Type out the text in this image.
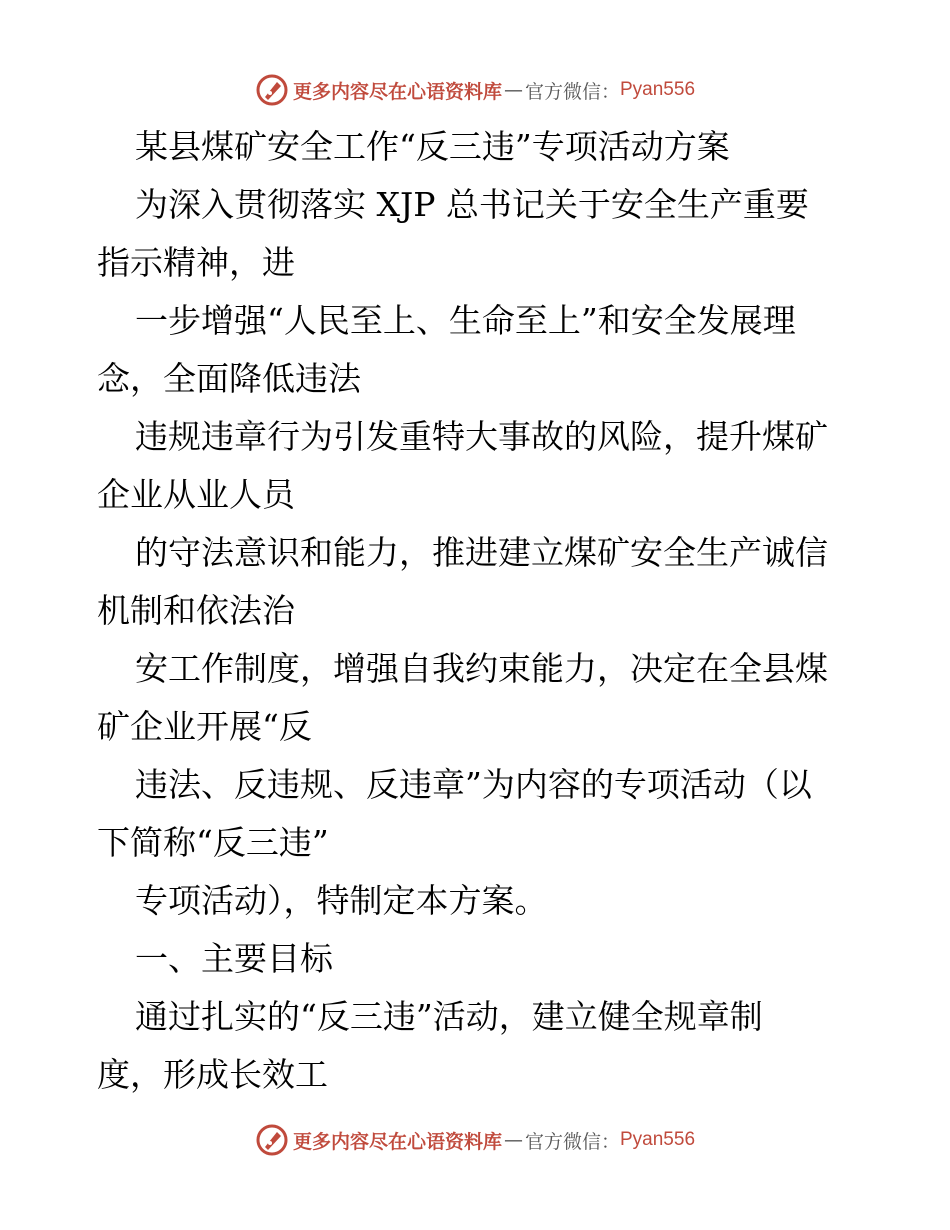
更多内容尽在心语资料库 — 官方微信： Pyan556
某县煤矿安全工作“反三违”专项活动方案
为深入贯彻落实 XJP 总书记关于安全生产重要
指示精神，进
一步增强“人民至上、生命至上”和安全发展理
念，全面降低违法
违规违章行为引发重特大事故的风险，提升煤矿
企业从业人员
的守法意识和能力，推进建立煤矿安全生产诚信
机制和依法治
安工作制度，增强自我约束能力，决定在全县煤
矿企业开展“反
违法、反违规、反违章”为内容的专项活动（以
下简称“反三违”
专项活动），特制定本方案。
一、主要目标
通过扎实的“反三违”活动，建立健全规章制
度，形成长效工
更多内容尽在心语资料库 — 官方微信： Pyan556
